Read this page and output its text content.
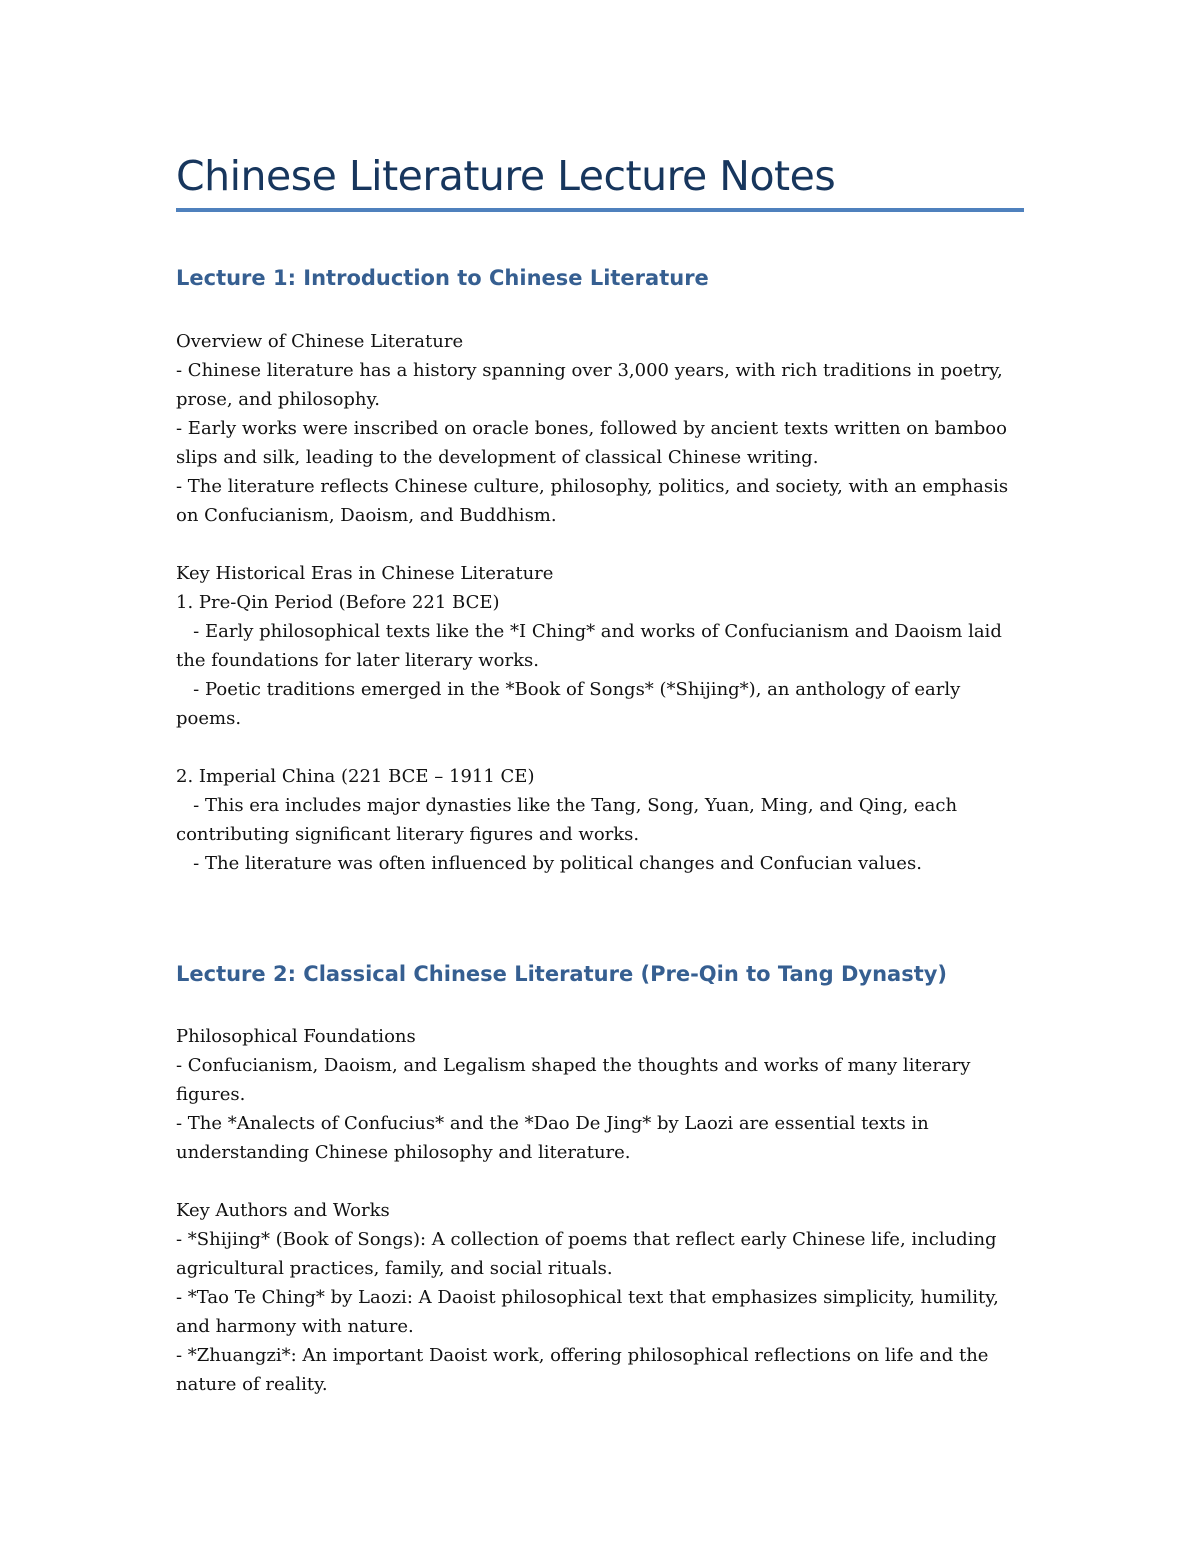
Chinese Literature Lecture Notes
Lecture 1: Introduction to Chinese Literature
Overview of Chinese Literature
- Chinese literature has a history spanning over 3,000 years, with rich traditions in poetry,
prose, and philosophy.
- Early works were inscribed on oracle bones, followed by ancient texts written on bamboo
slips and silk, leading to the development of classical Chinese writing.
- The literature reflects Chinese culture, philosophy, politics, and society, with an emphasis
on Confucianism, Daoism, and Buddhism.
Key Historical Eras in Chinese Literature
1. Pre-Qin Period (Before 221 BCE)
- Early philosophical texts like the *I Ching* and works of Confucianism and Daoism laid
the foundations for later literary works.
- Poetic traditions emerged in the *Book of Songs* (*Shijing*), an anthology of early
poems.
2. Imperial China (221 BCE – 1911 CE)
- This era includes major dynasties like the Tang, Song, Yuan, Ming, and Qing, each
contributing significant literary figures and works.
- The literature was often influenced by political changes and Confucian values.
Lecture 2: Classical Chinese Literature (Pre-Qin to Tang Dynasty)
Philosophical Foundations
- Confucianism, Daoism, and Legalism shaped the thoughts and works of many literary
figures.
- The *Analects of Confucius* and the *Dao De Jing* by Laozi are essential texts in
understanding Chinese philosophy and literature.
Key Authors and Works
- *Shijing* (Book of Songs): A collection of poems that reflect early Chinese life, including
agricultural practices, family, and social rituals.
- *Tao Te Ching* by Laozi: A Daoist philosophical text that emphasizes simplicity, humility,
and harmony with nature.
- *Zhuangzi*: An important Daoist work, offering philosophical reflections on life and the
nature of reality.
